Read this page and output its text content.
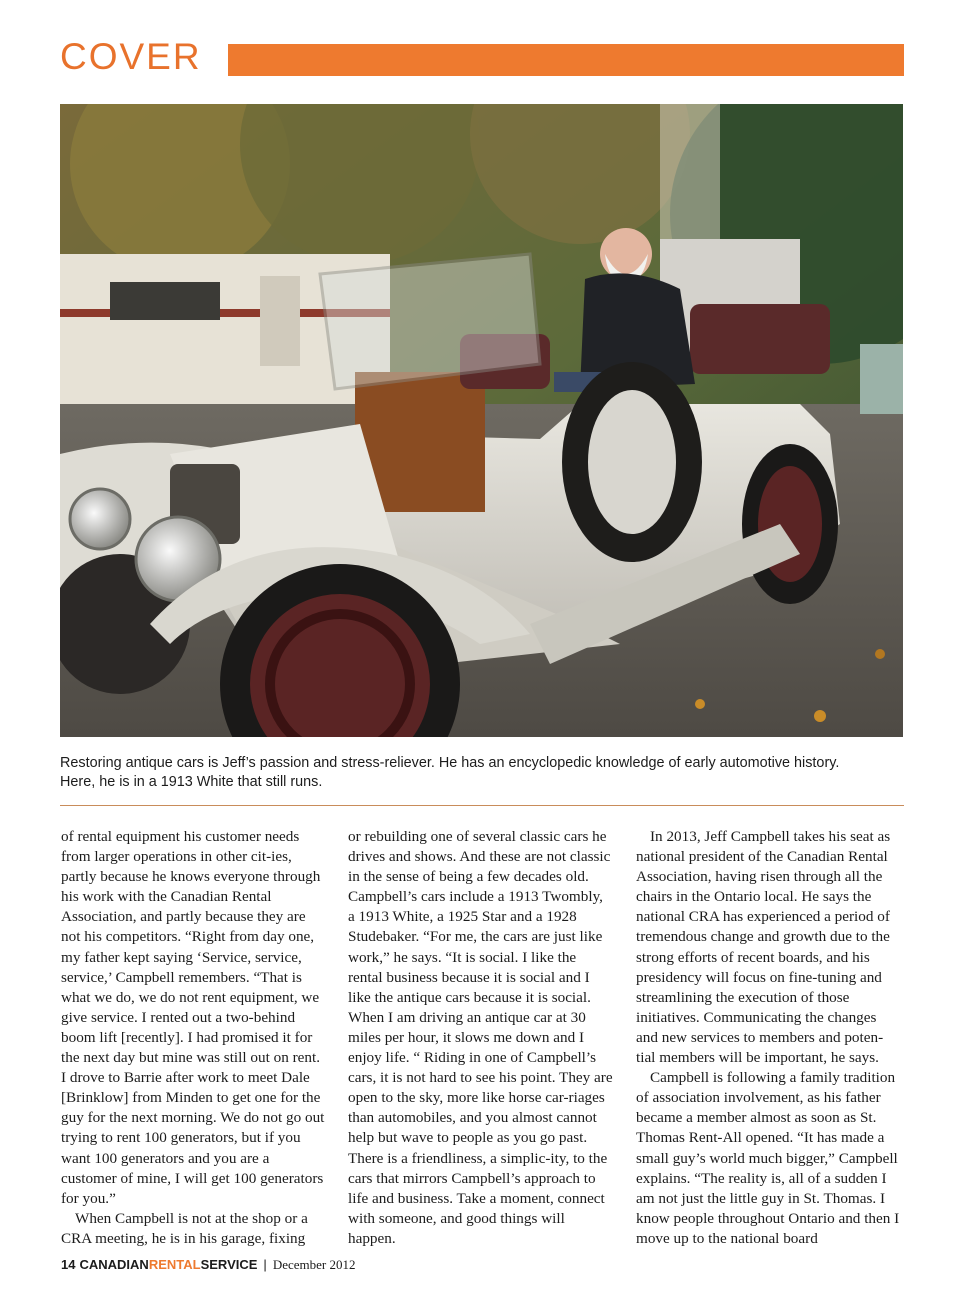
COVER

Restoring antique cars is Jeff’s passion and stress-reliever. He has an encyclopedic knowledge of early automotive history.

Here, he is in a 1913 White that still runs.

of rental equipment his customer needs from larger operations in other cit-ies, partly because he knows everyone through his work with the Canadian Rental Association, and partly because they are not his competitors. “Right from day one, my father kept saying ‘Service, service, service,’ Campbell remembers. “That is what we do, we do not rent equipment, we give service. I rented out a two-behind boom lift [recently]. I had promised it for the next day but mine was still out on rent. I drove to Barrie after work to meet Dale [Brinklow] from Minden to get one for the guy for the next morning. We do not go out trying to rent 100 generators, but if you want 100 generators and you are a customer of mine, I will get 100 generators for you.”

When Campbell is not at the shop or a CRA meeting, he is in his garage, fixing

or rebuilding one of several classic cars he drives and shows. And these are not classic in the sense of being a few decades old. Campbell’s cars include a 1913 Twombly, a 1913 White, a 1925 Star and a 1928 Studebaker. “For me, the cars are just like work,” he says. “It is social. I like the rental business because it is social and I like the antique cars because it is social. When I am driving an antique car at 30 miles per hour, it slows me down and I enjoy life. “ Riding in one of Campbell’s cars, it is not hard to see his point. They are open to the sky, more like horse car-riages than automobiles, and you almost cannot help but wave to people as you go past. There is a friendliness, a simplic-ity, to the cars that mirrors Campbell’s approach to life and business. Take a moment, connect with someone, and good things will happen.

In 2013, Jeff Campbell takes his seat as national president of the Canadian Rental Association, having risen through all the chairs in the Ontario local. He says the national CRA has experienced a period of tremendous change and growth due to the strong efforts of recent boards, and his presidency will focus on fine-tuning and streamlining the execution of those initiatives. Communicating the changes and new services to members and poten-tial members will be important, he says.

Campbell is following a family tradition of association involvement, as his father became a member almost as soon as St. Thomas Rent-All opened. “It has made a small guy’s world much bigger,” Campbell explains. “The reality is, all of a sudden I am not just the little guy in St. Thomas. I know people throughout Ontario and then I move up to the national board

14 CANADIANRENTALSERVICE | December 2012
